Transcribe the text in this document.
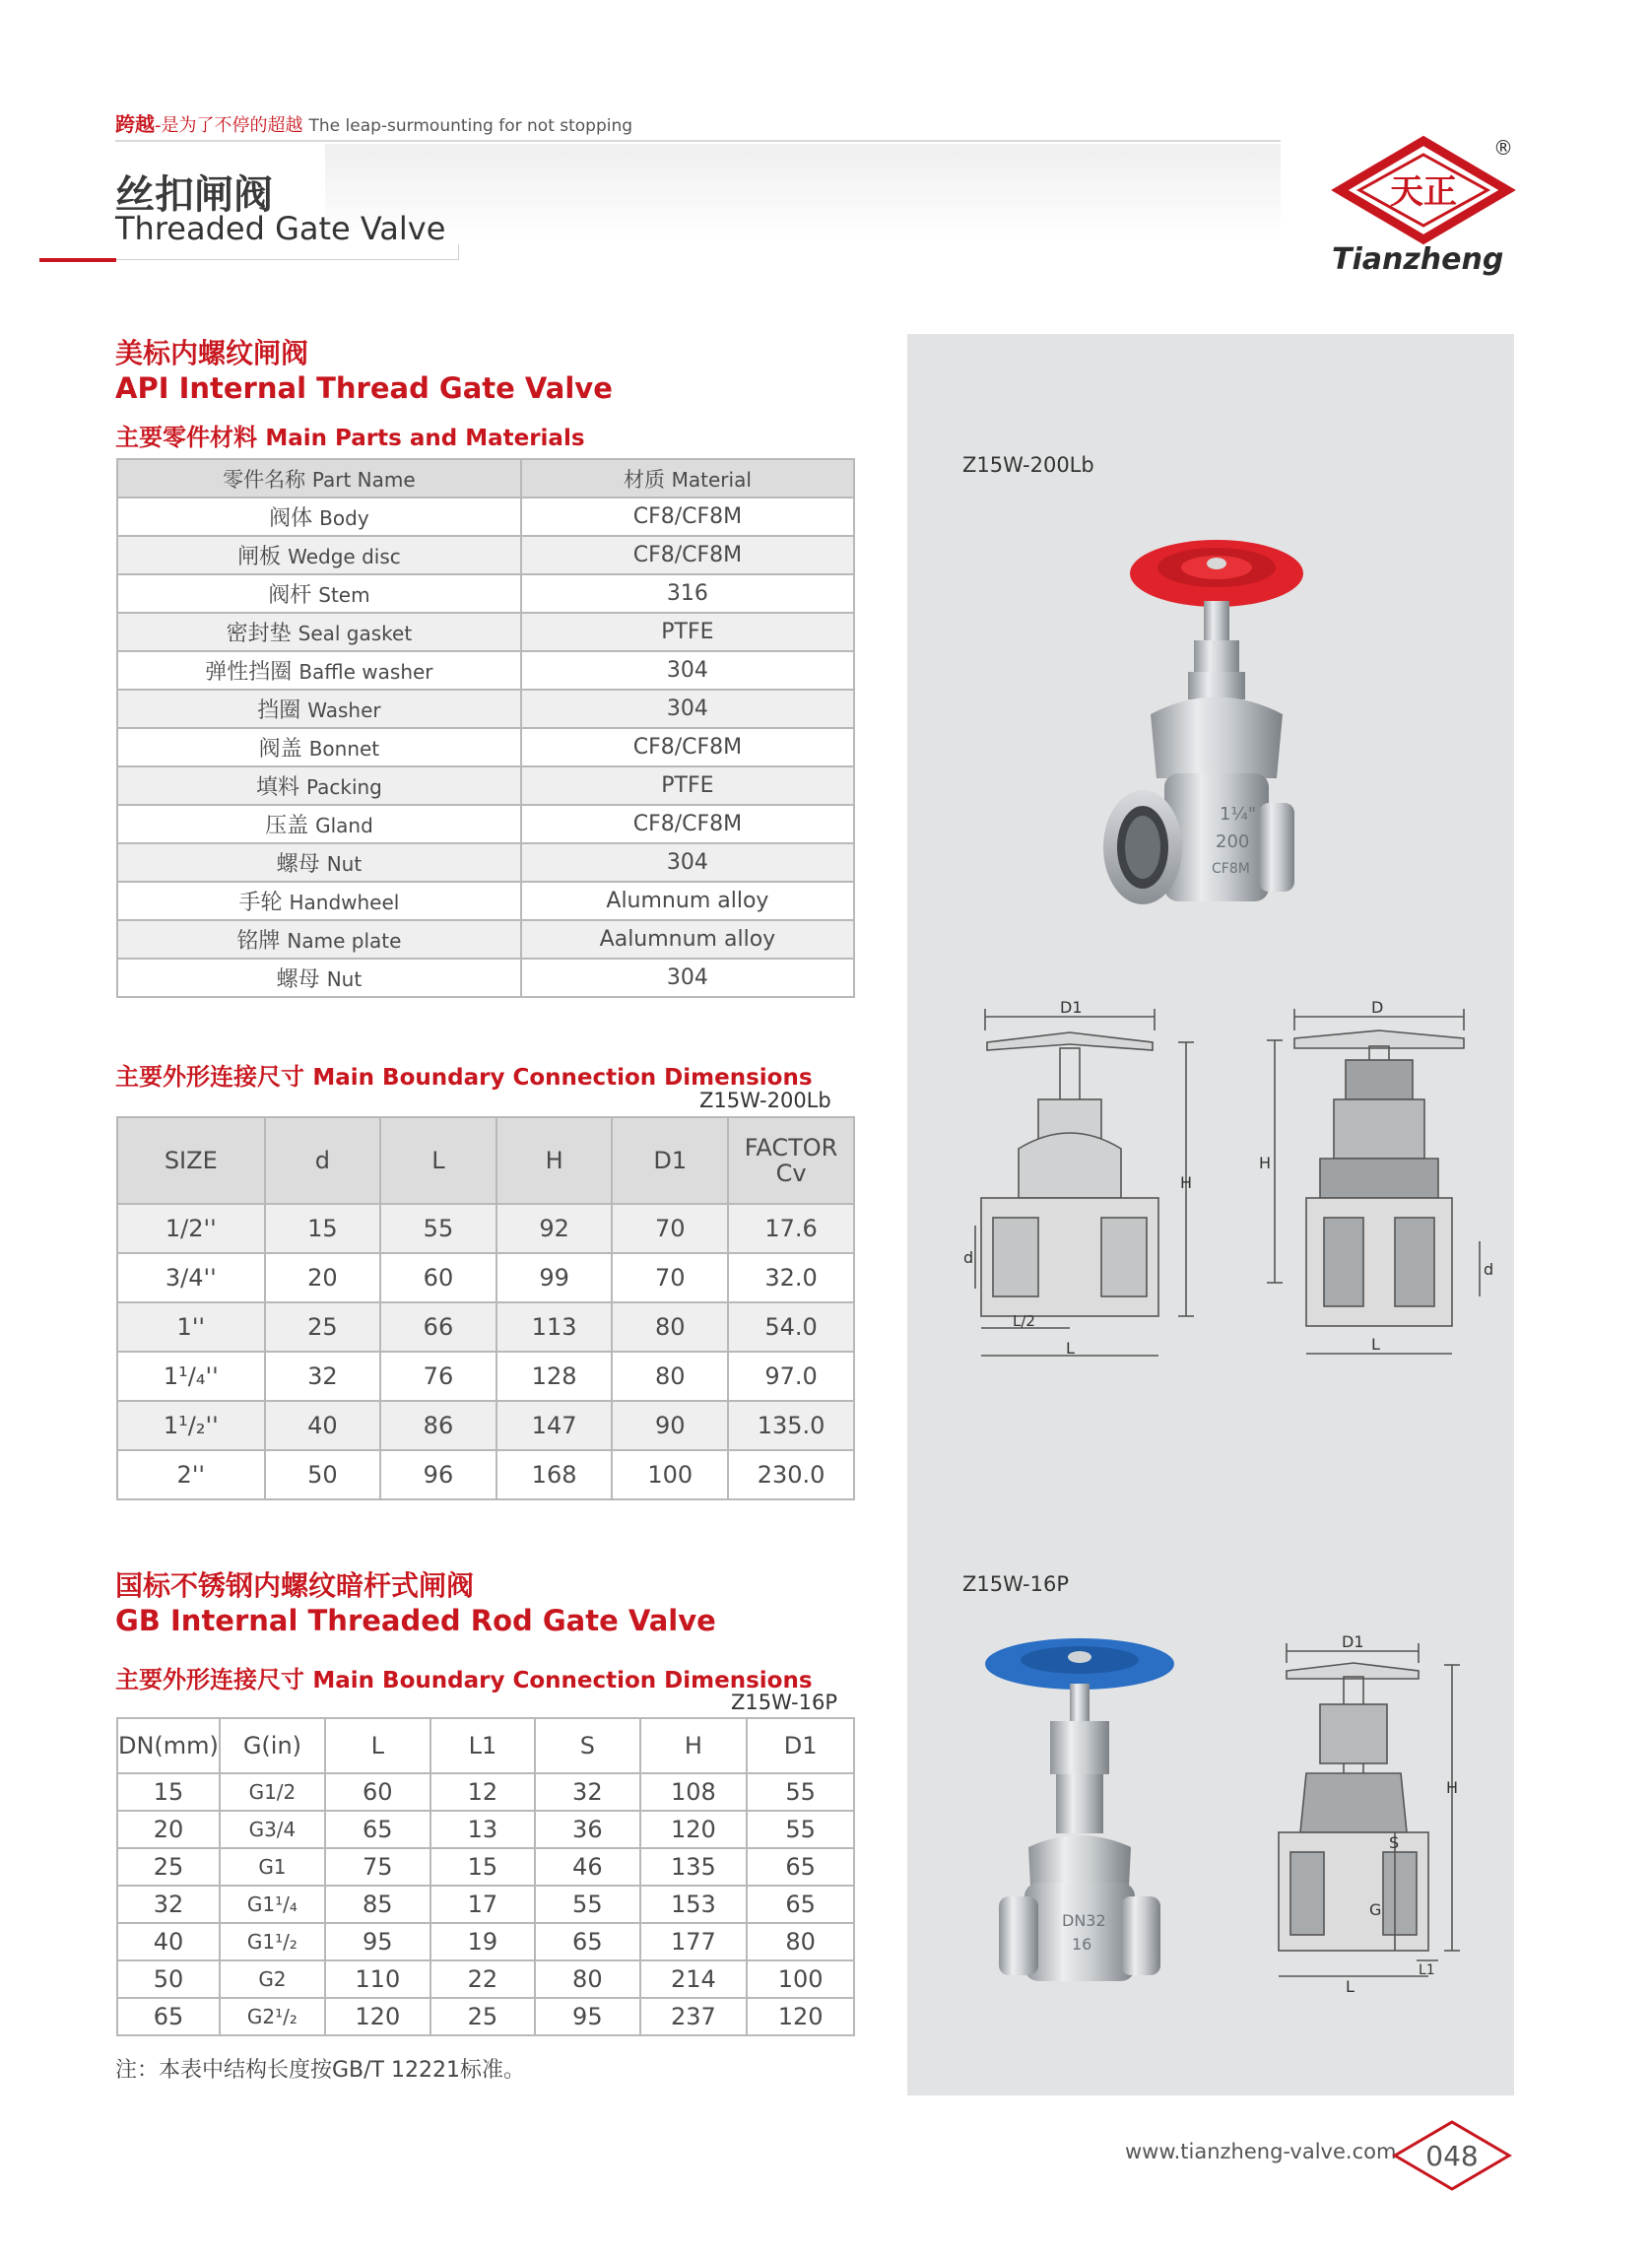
跨越-是为了不停的超越 The leap-surmounting for not stopping
丝扣闸阀
Threaded Gate Valve
天正
®
Tianzheng
Z15W-200Lb
Z15W-16P
1¼"
200
CF8M
D1
H
d
L/2
L
D
H
d
L
DN32
16
D1
H
S
G
L1
L
美标内螺纹闸阀
API Internal Thread Gate Valve
主要零件材料 Main Parts and Materials
零件名称 Part Name	材质 Material
阀体 Body	CF8/CF8M
闸板 Wedge disc	CF8/CF8M
阀杆 Stem	316
密封垫 Seal gasket	PTFE
弹性挡圈 Baffle washer	304
挡圈 Washer	304
阀盖 Bonnet	CF8/CF8M
填料 Packing	PTFE
压盖 Gland	CF8/CF8M
螺母 Nut	304
手轮 Handwheel	Alumnum alloy
铭牌 Name plate	Aalumnum alloy
螺母 Nut	304
主要外形连接尺寸 Main Boundary Connection Dimensions
Z15W-200Lb
SIZE	d	L	H	D1	FACTOR
Cv
1/2''	15	55	92	70	17.6
3/4''	20	60	99	70	32.0
1''	25	66	113	80	54.0
1¹/₄''	32	76	128	80	97.0
1¹/₂''	40	86	147	90	135.0
2''	50	96	168	100	230.0
国标不锈钢内螺纹暗杆式闸阀
GB Internal Threaded Rod Gate Valve
主要外形连接尺寸 Main Boundary Connection Dimensions
Z15W-16P
DN(mm)	G(in)	L	L1	S	H	D1
15	G1/2	60	12	32	108	55
20	G3/4	65	13	36	120	55
25	G1	75	15	46	135	65
32	G1¹/₄	85	17	55	153	65
40	G1¹/₂	95	19	65	177	80
50	G2	110	22	80	214	100
65	G2¹/₂	120	25	95	237	120
注：本表中结构长度按GB/T 12221标准。
www.tianzheng-valve.com 048
